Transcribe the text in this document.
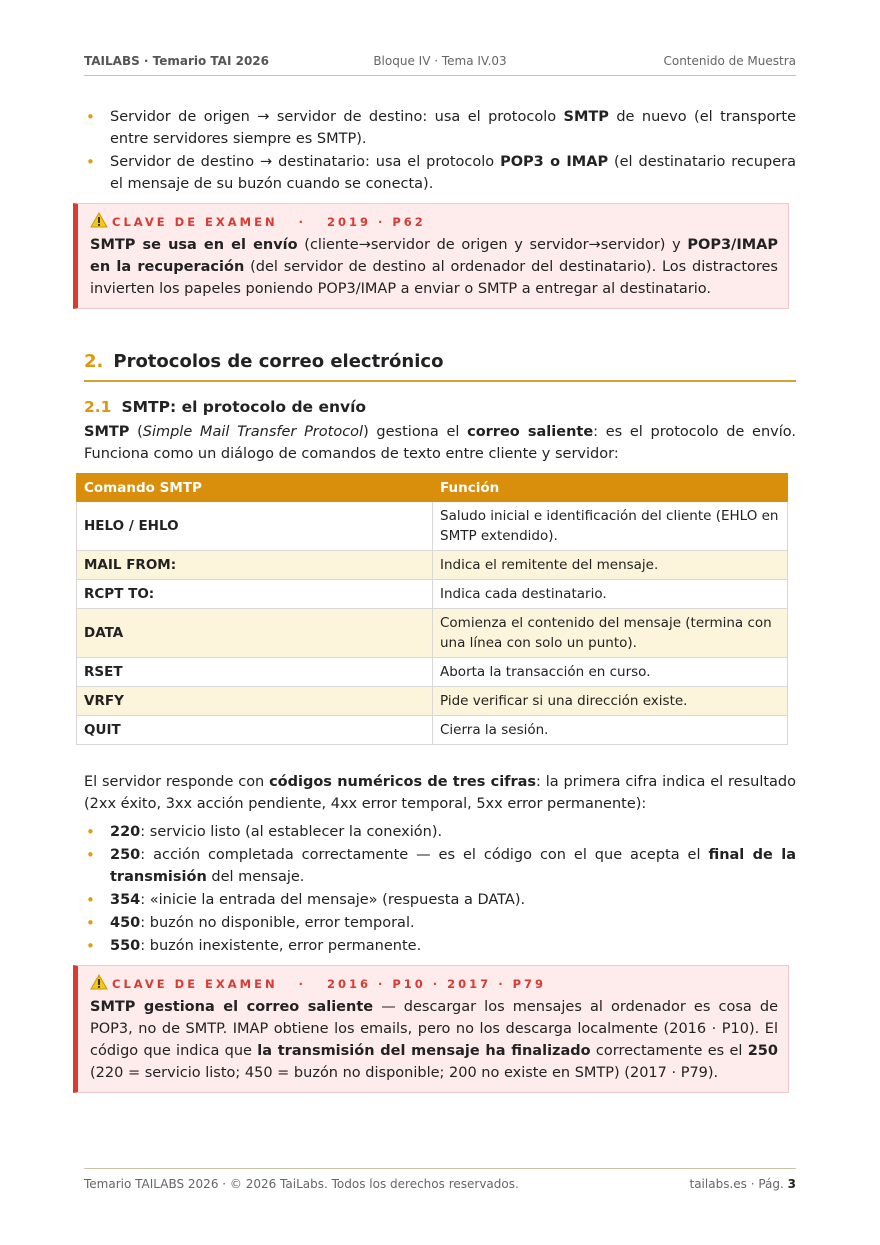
TAILABS · Temario TAI 2026	Bloque IV · Tema IV.03	Contenido de Muestra
• Servidor de origen → servidor de destino: usa el protocolo SMTP de nuevo (el transporte entre servidores siempre es SMTP).
• Servidor de destino → destinatario: usa el protocolo POP3 o IMAP (el destinatario recupera el mensaje de su buzón cuando se conecta).
CLAVE DE EXAMEN   ·   2019 · P62
SMTP se usa en el envío (cliente→servidor de origen y servidor→servidor) y POP3/IMAP en la recuperación (del servidor de destino al ordenador del destinatario). Los distractores invierten los papeles poniendo POP3/IMAP a enviar o SMTP a entregar al destinatario.
2. Protocolos de correo electrónico
2.1 SMTP: el protocolo de envío

SMTP (Simple Mail Transfer Protocol) gestiona el correo saliente: es el protocolo de envío. Funciona como un diálogo de comandos de texto entre cliente y servidor:

Comando SMTP	Función
HELO / EHLO	Saludo inicial e identificación del cliente (EHLO en SMTP extendido).
MAIL FROM:	Indica el remitente del mensaje.
RCPT TO:	Indica cada destinatario.
DATA	Comienza el contenido del mensaje (termina con una línea con solo un punto).
RSET	Aborta la transacción en curso.
VRFY	Pide verificar si una dirección existe.
QUIT	Cierra la sesión.

El servidor responde con códigos numéricos de tres cifras: la primera cifra indica el resultado (2xx éxito, 3xx acción pendiente, 4xx error temporal, 5xx error permanente):

• 220: servicio listo (al establecer la conexión).
• 250: acción completada correctamente — es el código con el que acepta el final de la transmisión del mensaje.
• 354: «inicie la entrada del mensaje» (respuesta a DATA).
• 450: buzón no disponible, error temporal.
• 550: buzón inexistente, error permanente.
CLAVE DE EXAMEN   ·   2016 · P10 · 2017 · P79
SMTP gestiona el correo saliente — descargar los mensajes al ordenador es cosa de POP3, no de SMTP. IMAP obtiene los emails, pero no los descarga localmente (2016 · P10). El código que indica que la transmisión del mensaje ha finalizado correctamente es el 250 (220 = servicio listo; 450 = buzón no disponible; 200 no existe en SMTP) (2017 · P79).
Temario TAILABS 2026 · © 2026 TaiLabs. Todos los derechos reservados.	tailabs.es · Pág. 3
